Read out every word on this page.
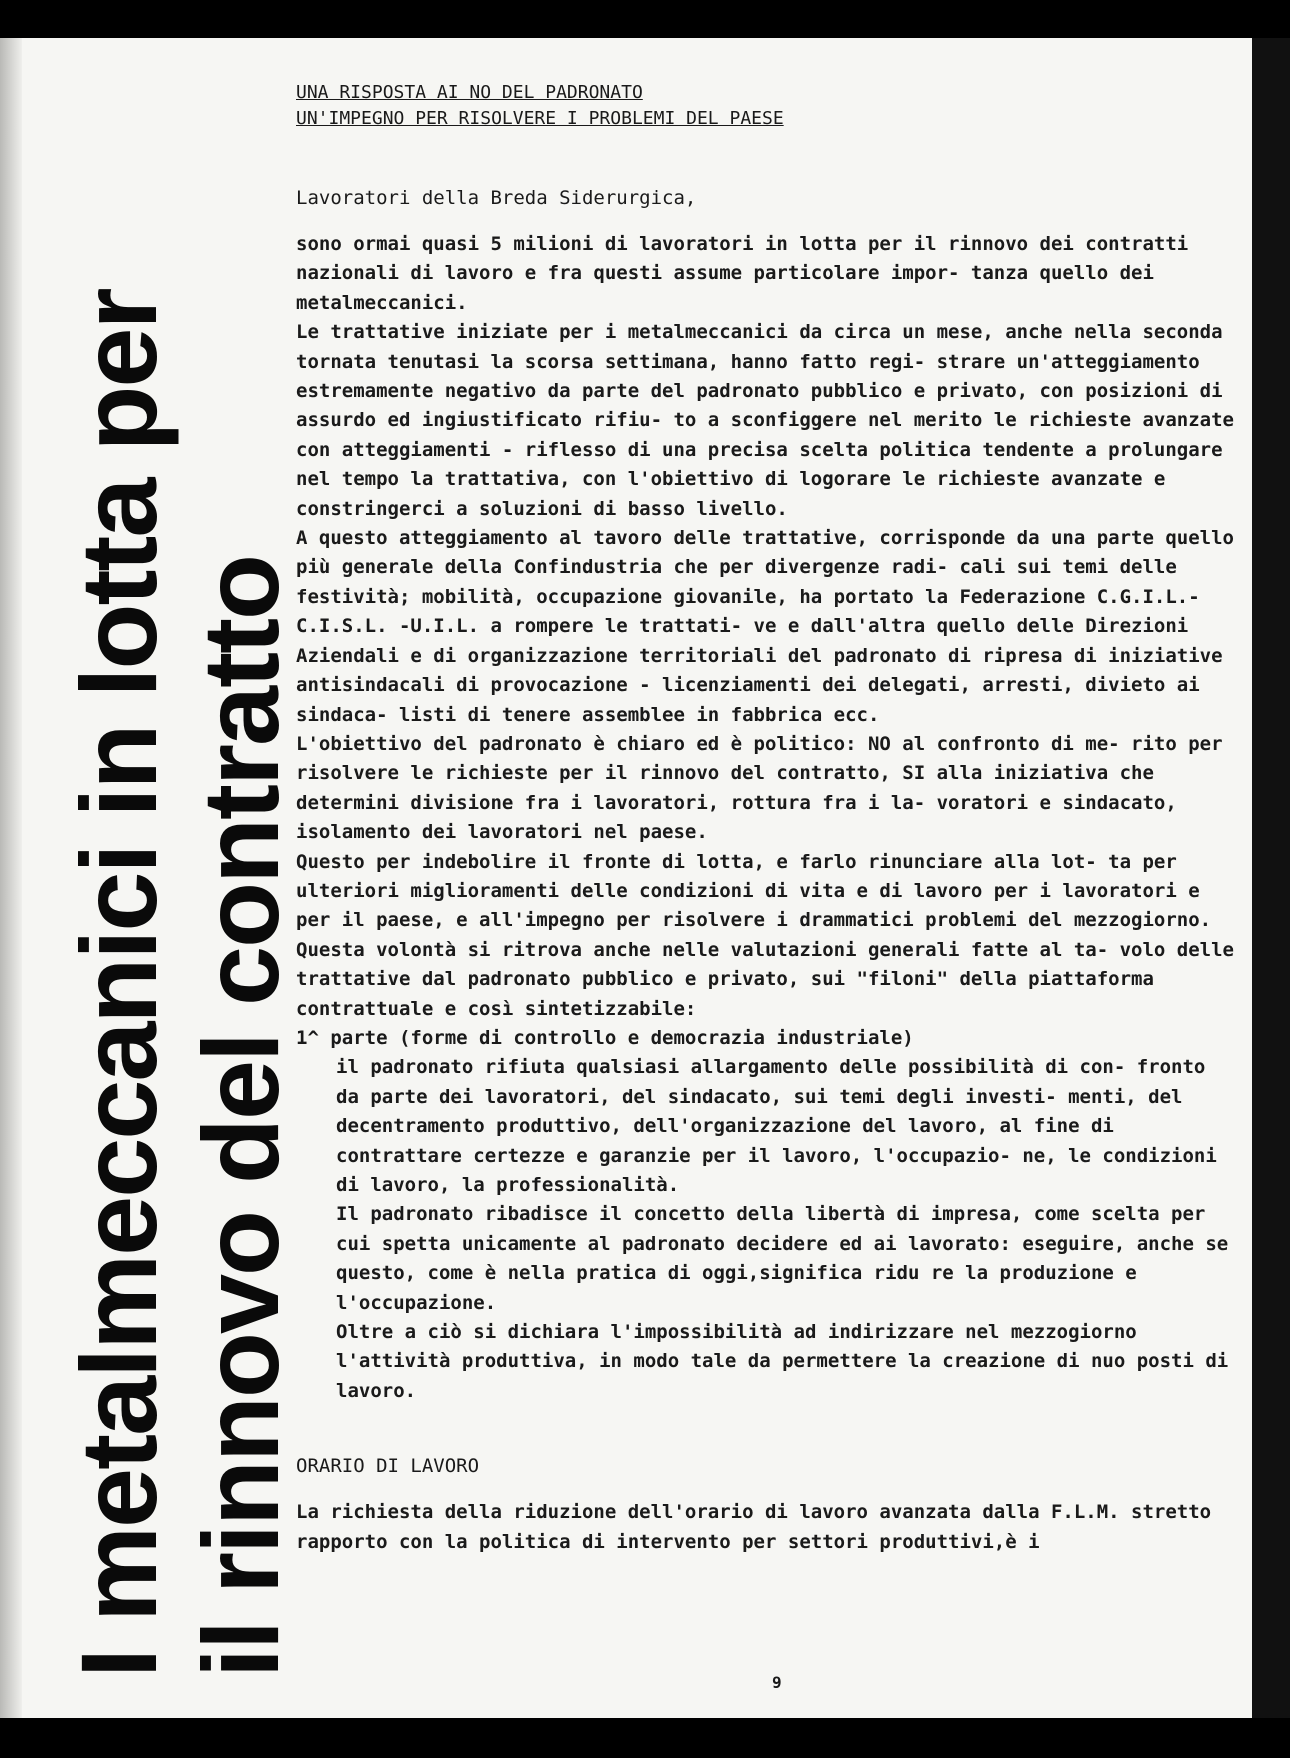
I metalmeccanici in lotta per il rinnovo del contratto
UNA RISPOSTA AI NO DEL PADRONATO
UN'IMPEGNO PER RISOLVERE I PROBLEMI DEL PAESE
Lavoratori della Breda Siderurgica,

sono ormai quasi 5 milioni di lavoratori in lotta per il rinnovo dei contratti nazionali di lavoro e fra questi assume particolare impor- tanza quello dei metalmeccanici.

Le trattative iniziate per i metalmeccanici da circa un mese, anche nella seconda tornata tenutasi la scorsa settimana, hanno fatto regi- strare un'atteggiamento estremamente negativo da parte del padronato pubblico e privato, con posizioni di assurdo ed ingiustificato rifiu- to a sconfiggere nel merito le richieste avanzate con atteggiamenti - riflesso di una precisa scelta politica tendente a prolungare nel tempo la trattativa, con l'obiettivo di logorare le richieste avanzate e constringerci a soluzioni di basso livello.

A questo atteggiamento al tavoro delle trattative, corrisponde da una parte quello più generale della Confindustria che per divergenze radi- cali sui temi delle festività; mobilità, occupazione giovanile, ha portato la Federazione C.G.I.L.-C.I.S.L. -U.I.L. a rompere le trattati- ve e dall'altra quello delle Direzioni Aziendali e di organizzazione territoriali del padronato di ripresa di iniziative antisindacali di provocazione - licenziamenti dei delegati, arresti, divieto ai sindaca- listi di tenere assemblee in fabbrica ecc.

L'obiettivo del padronato è chiaro ed è politico: NO al confronto di me- rito per risolvere le richieste per il rinnovo del contratto, SI alla iniziativa che determini divisione fra i lavoratori, rottura fra i la- voratori e sindacato, isolamento dei lavoratori nel paese.

Questo per indebolire il fronte di lotta, e farlo rinunciare alla lot- ta per ulteriori miglioramenti delle condizioni di vita e di lavoro per i lavoratori e per il paese, e all'impegno per risolvere i drammatici problemi del mezzogiorno.

Questa volontà si ritrova anche nelle valutazioni generali fatte al ta- volo delle trattative dal padronato pubblico e privato, sui "filoni" della piattaforma contrattuale e così sintetizzabile:

1^ parte (forme di controllo e democrazia industriale)

il padronato rifiuta qualsiasi allargamento delle possibilità di con- fronto da parte dei lavoratori, del sindacato, sui temi degli investi- menti, del decentramento produttivo, dell'organizzazione del lavoro, al fine di contrattare certezze e garanzie per il lavoro, l'occupazio- ne, le condizioni di lavoro, la professionalità.

Il padronato ribadisce il concetto della libertà di impresa, come scelta per cui spetta unicamente al padronato decidere ed ai lavorato: eseguire, anche se questo, come è nella pratica di oggi,significa ridu re la produzione e l'occupazione.

Oltre a ciò si dichiara l'impossibilità ad indirizzare nel mezzogiorno l'attività produttiva, in modo tale da permettere la creazione di nuo posti di lavoro.

ORARIO DI LAVORO
La richiesta della riduzione dell'orario di lavoro avanzata dalla F.L.M. stretto rapporto con la politica di intervento per settori produttivi,è i
9
